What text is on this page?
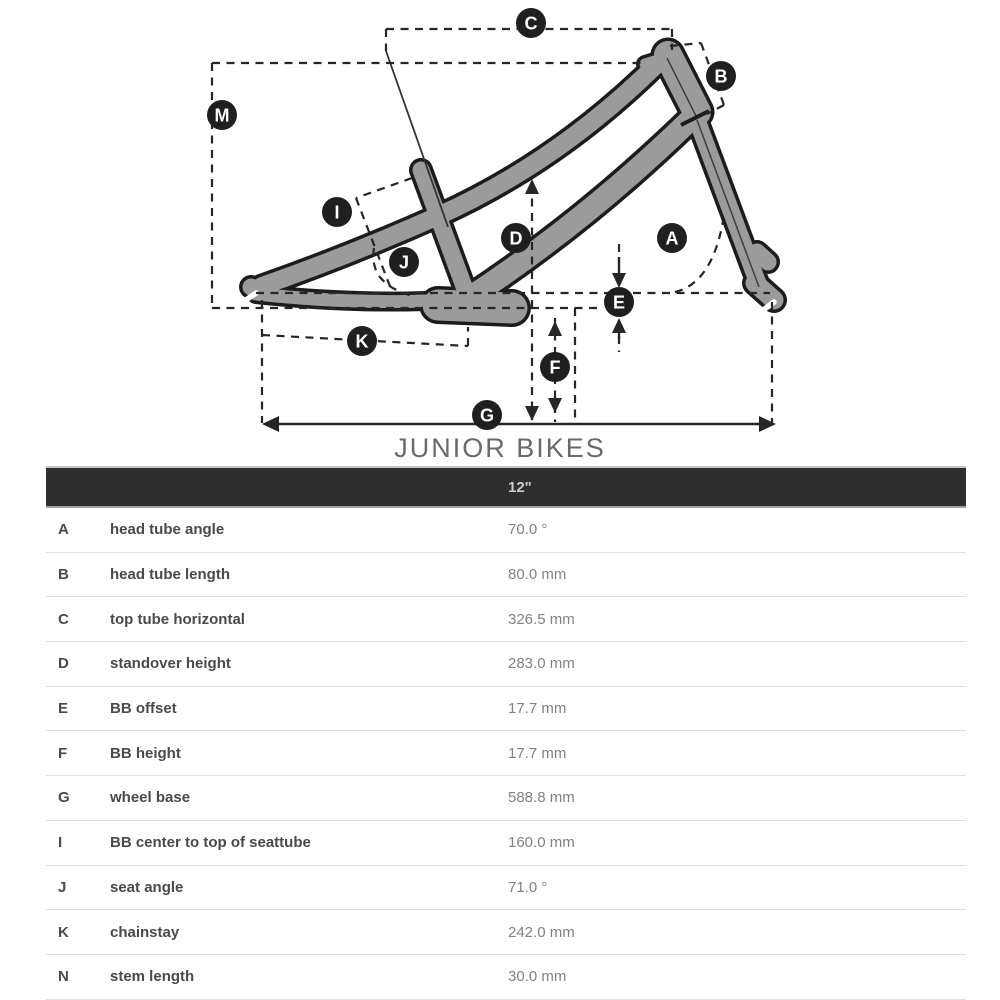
C
B
M
I
D	A
J
E
K
F
G
JUNIOR BIKES
12"
A	head tube angle	70.0 °
B	head tube length	80.0 mm
C	top tube horizontal	326.5 mm
D	standover height	283.0 mm
E	BB offset	17.7 mm
F	BB height	17.7 mm
G	wheel base	588.8 mm
I	BB center to top of seattube	160.0 mm
J	seat angle	71.0 °
K	chainstay	242.0 mm
N	stem length	30.0 mm
